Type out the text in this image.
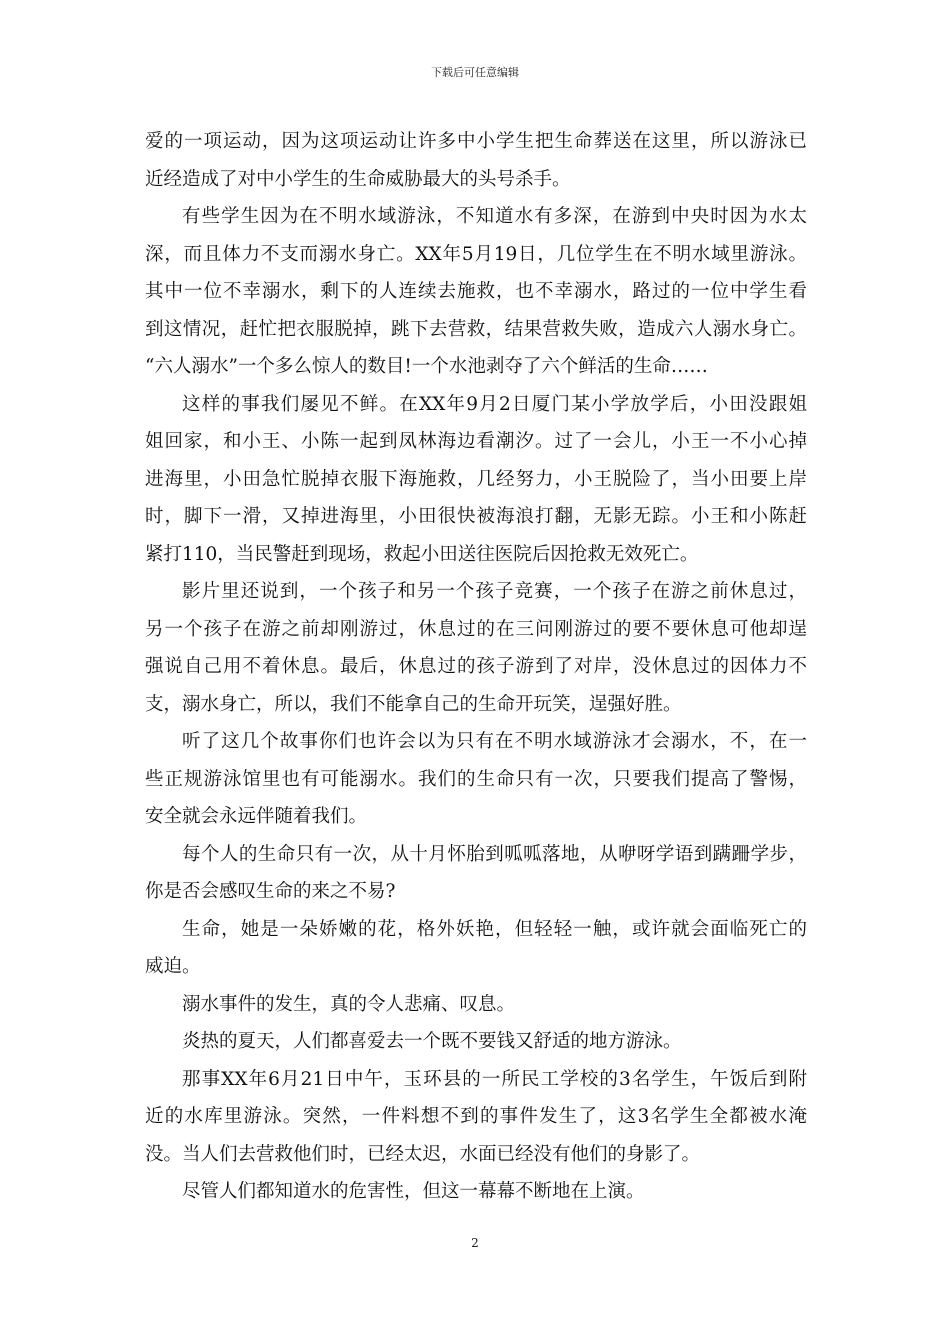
下载后可任意编辑
爱的一项运动，因为这项运动让许多中小学生把生命葬送在这里，所以游泳已
近经造成了对中小学生的生命威胁最大的头号杀手。
有些学生因为在不明水域游泳，不知道水有多深，在游到中央时因为水太
深，而且体力不支而溺水身亡。XX年5月19日，几位学生在不明水域里游泳。
其中一位不幸溺水，剩下的人连续去施救，也不幸溺水，路过的一位中学生看
到这情况，赶忙把衣服脱掉，跳下去营救，结果营救失败，造成六人溺水身亡。
“六人溺水”一个多么惊人的数目!一个水池剥夺了六个鲜活的生命……
这样的事我们屡见不鲜。在XX年9月2日厦门某小学放学后，小田没跟姐
姐回家，和小王、小陈一起到凤林海边看潮汐。过了一会儿，小王一不小心掉
进海里，小田急忙脱掉衣服下海施救，几经努力，小王脱险了，当小田要上岸
时，脚下一滑，又掉进海里，小田很快被海浪打翻，无影无踪。小王和小陈赶
紧打110，当民警赶到现场，救起小田送往医院后因抢救无效死亡。
影片里还说到，一个孩子和另一个孩子竞赛，一个孩子在游之前休息过，
另一个孩子在游之前却刚游过，休息过的在三问刚游过的要不要休息可他却逞
强说自己用不着休息。最后，休息过的孩子游到了对岸，没休息过的因体力不
支，溺水身亡，所以，我们不能拿自己的生命开玩笑，逞强好胜。
听了这几个故事你们也许会以为只有在不明水域游泳才会溺水，不，在一
些正规游泳馆里也有可能溺水。我们的生命只有一次，只要我们提高了警惕，
安全就会永远伴随着我们。
每个人的生命只有一次，从十月怀胎到呱呱落地，从咿呀学语到蹒跚学步，
你是否会感叹生命的来之不易?
生命，她是一朵娇嫩的花，格外妖艳，但轻轻一触，或许就会面临死亡的
威迫。
溺水事件的发生，真的令人悲痛、叹息。
炎热的夏天，人们都喜爱去一个既不要钱又舒适的地方游泳。
那事XX年6月21日中午，玉环县的一所民工学校的3名学生，午饭后到附
近的水库里游泳。突然，一件料想不到的事件发生了，这3名学生全都被水淹
没。当人们去营救他们时，已经太迟，水面已经没有他们的身影了。
尽管人们都知道水的危害性，但这一幕幕不断地在上演。
2
